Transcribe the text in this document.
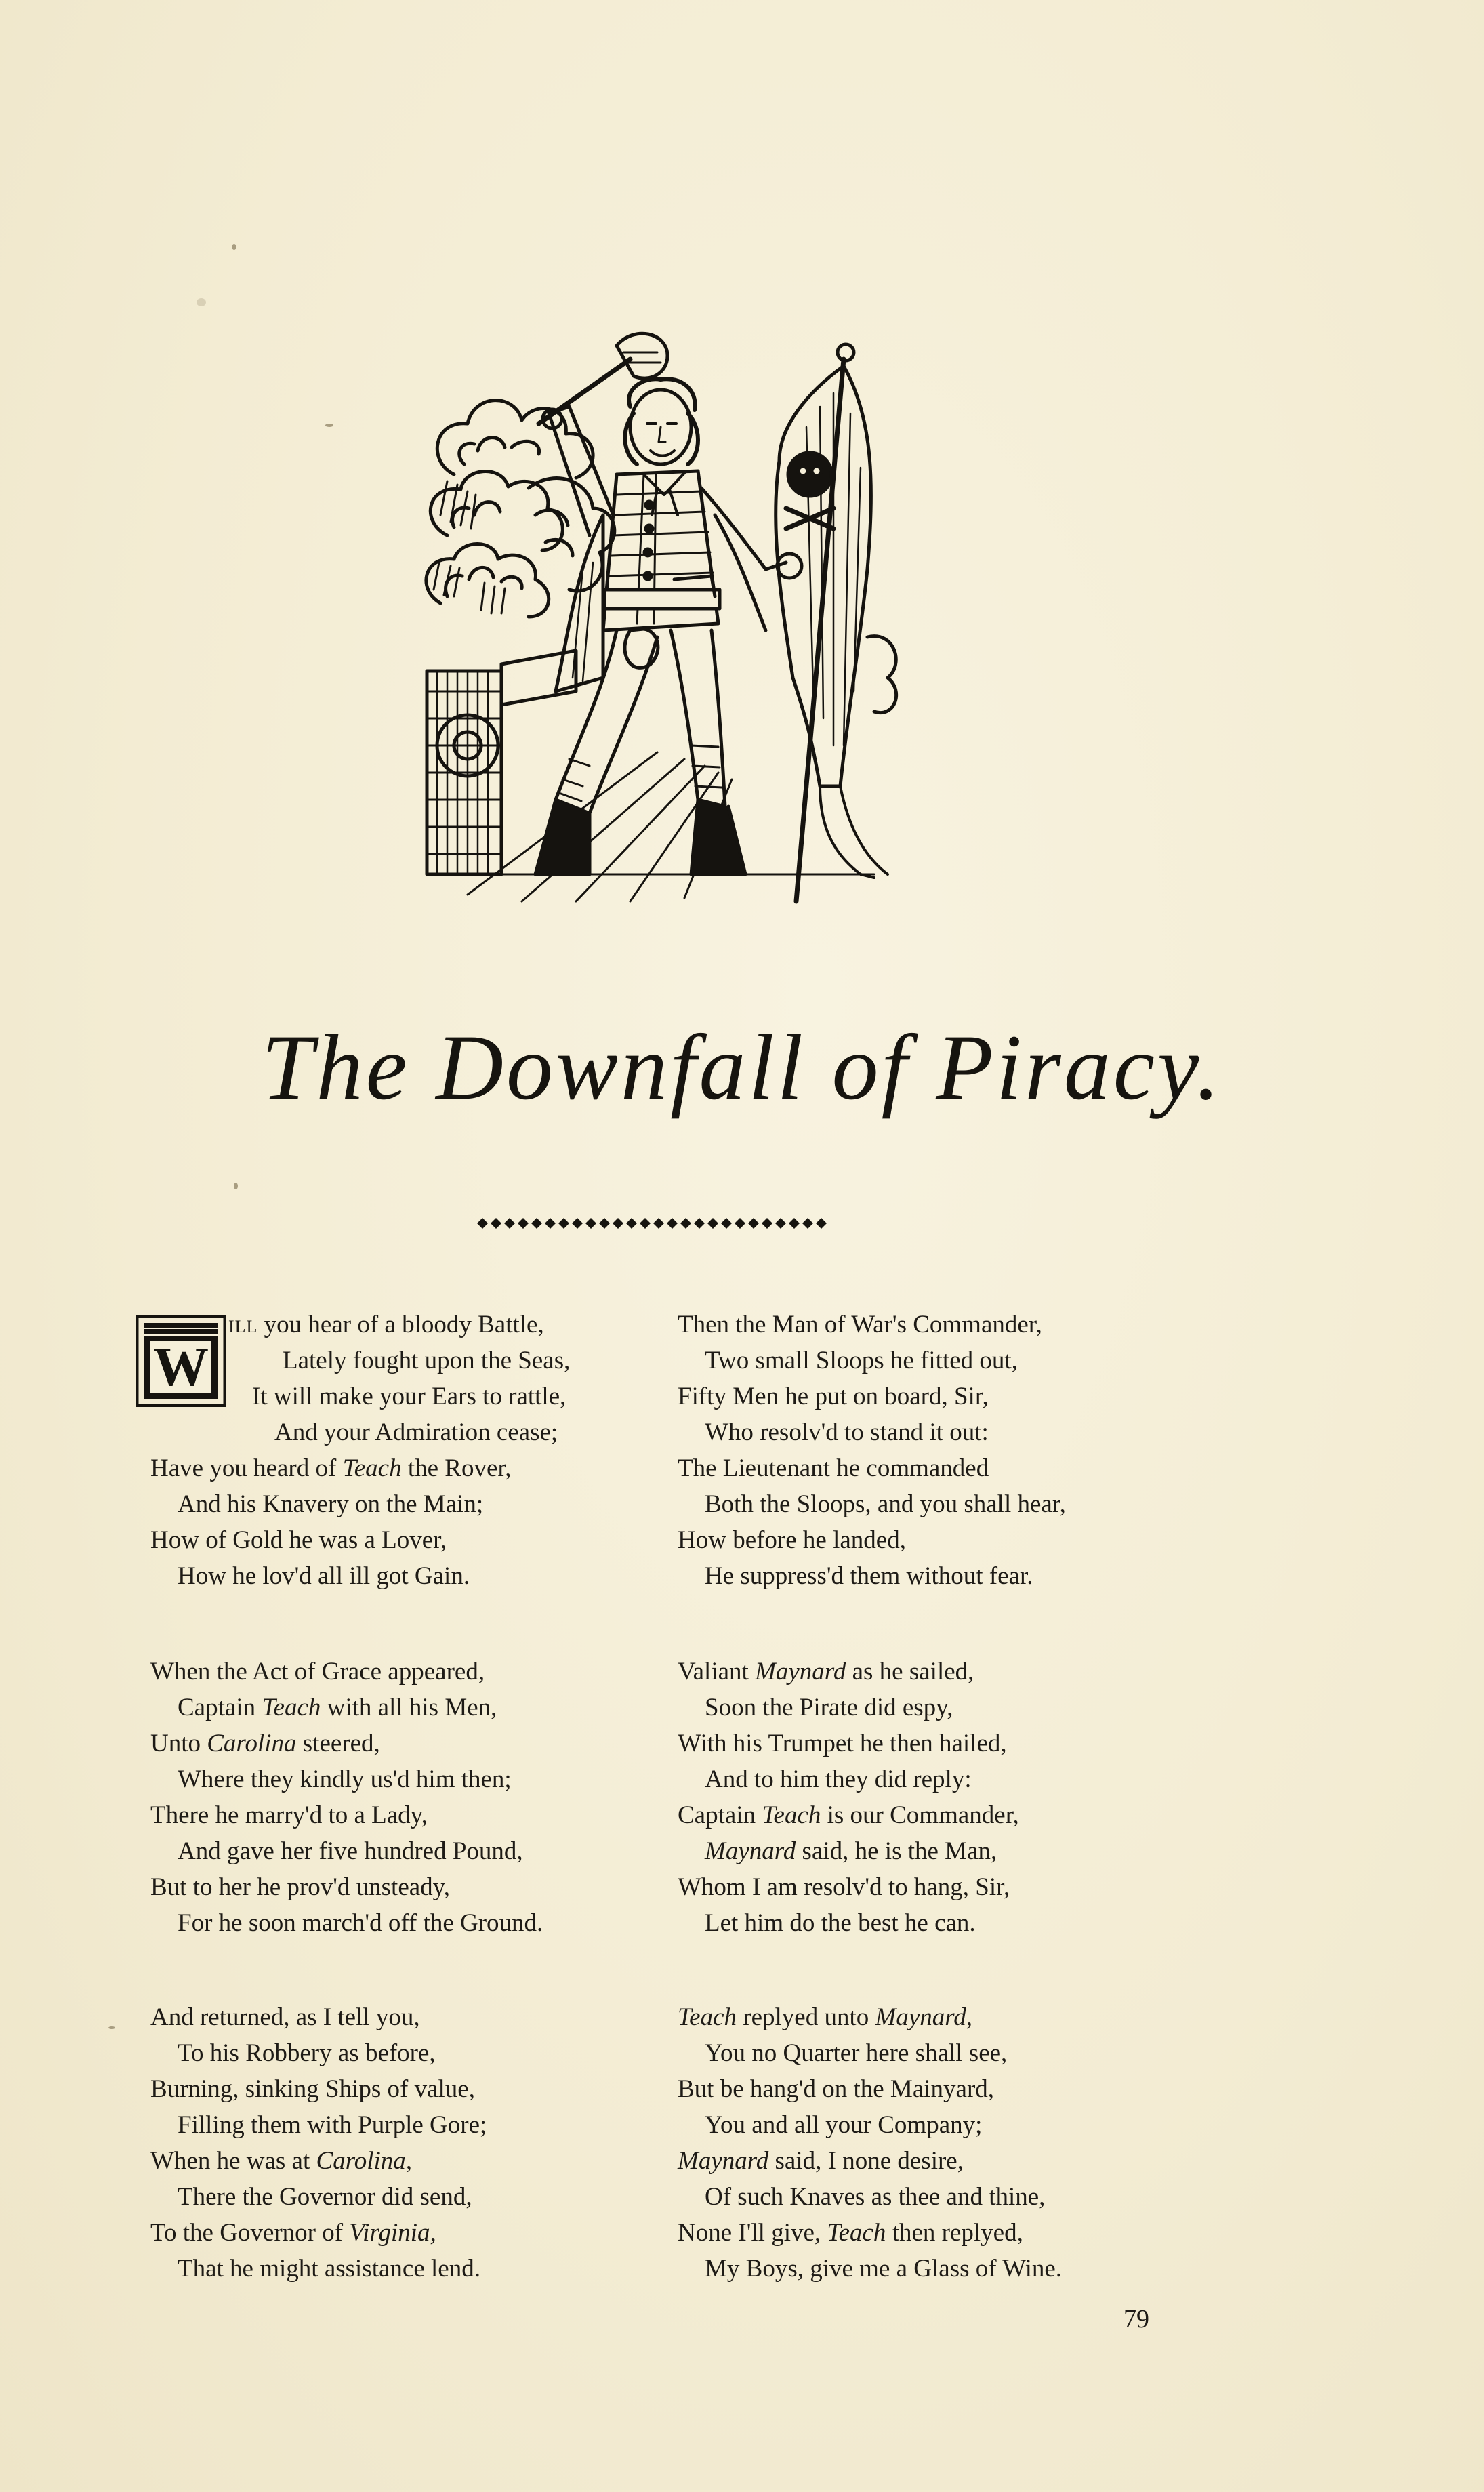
The Downfall of Piracy.
W
ill you hear of a bloody Battle,
Lately fought upon the Seas,
It will make your Ears to rattle,
And your Admiration cease;
Have you heard of Teach the Rover,
And his Knavery on the Main;
How of Gold he was a Lover,
How he lov'd all ill got Gain.
When the Act of Grace appeared,
Captain Teach with all his Men,
Unto Carolina steered,
Where they kindly us'd him then;
There he marry'd to a Lady,
And gave her five hundred Pound,
But to her he prov'd unsteady,
For he soon march'd off the Ground.
And returned, as I tell you,
To his Robbery as before,
Burning, sinking Ships of value,
Filling them with Purple Gore;
When he was at Carolina,
There the Governor did send,
To the Governor of Virginia,
That he might assistance lend.
Then the Man of War's Commander,
Two small Sloops he fitted out,
Fifty Men he put on board, Sir,
Who resolv'd to stand it out:
The Lieutenant he commanded
Both the Sloops, and you shall hear,
How before he landed,
He suppress'd them without fear.
Valiant Maynard as he sailed,
Soon the Pirate did espy,
With his Trumpet he then hailed,
And to him they did reply:
Captain Teach is our Commander,
Maynard said, he is the Man,
Whom I am resolv'd to hang, Sir,
Let him do the best he can.
Teach replyed unto Maynard,
You no Quarter here shall see,
But be hang'd on the Mainyard,
You and all your Company;
Maynard said, I none desire,
Of such Knaves as thee and thine,
None I'll give, Teach then replyed,
My Boys, give me a Glass of Wine.
79
